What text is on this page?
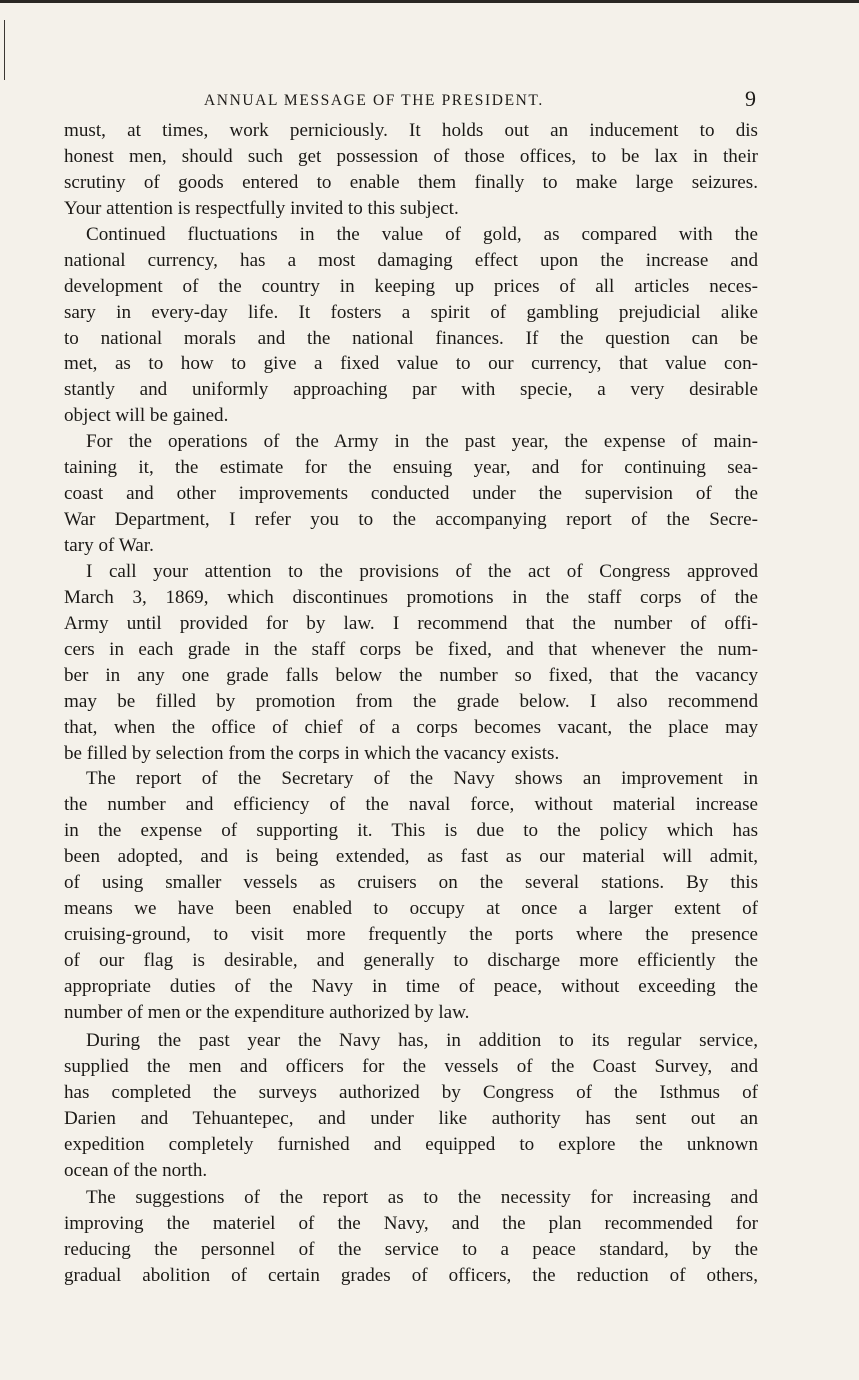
ANNUAL MESSAGE OF THE PRESIDENT.	9
must, at times, work perniciously. It holds out an inducement to dis
honest men, should such get possession of those offices, to be lax in their
scrutiny of goods entered to enable them finally to make large seizures.
Your attention is respectfully invited to this subject.
Continued fluctuations in the value of gold, as compared with the
national currency, has a most damaging effect upon the increase and
development of the country in keeping up prices of all articles neces-
sary in every-day life. It fosters a spirit of gambling prejudicial alike
to national morals and the national finances. If the question can be
met, as to how to give a fixed value to our currency, that value con-
stantly and uniformly approaching par with specie, a very desirable
object will be gained.
For the operations of the Army in the past year, the expense of main-
taining it, the estimate for the ensuing year, and for continuing sea-
coast and other improvements conducted under the supervision of the
War Department, I refer you to the accompanying report of the Secre-
tary of War.
I call your attention to the provisions of the act of Congress approved
March 3, 1869, which discontinues promotions in the staff corps of the
Army until provided for by law. I recommend that the number of offi-
cers in each grade in the staff corps be fixed, and that whenever the num-
ber in any one grade falls below the number so fixed, that the vacancy
may be filled by promotion from the grade below. I also recommend
that, when the office of chief of a corps becomes vacant, the place may
be filled by selection from the corps in which the vacancy exists.
The report of the Secretary of the Navy shows an improvement in
the number and efficiency of the naval force, without material increase
in the expense of supporting it. This is due to the policy which has
been adopted, and is being extended, as fast as our material will admit,
of using smaller vessels as cruisers on the several stations. By this
means we have been enabled to occupy at once a larger extent of
cruising-ground, to visit more frequently the ports where the presence
of our flag is desirable, and generally to discharge more efficiently the
appropriate duties of the Navy in time of peace, without exceeding the
number of men or the expenditure authorized by law.
During the past year the Navy has, in addition to its regular service,
supplied the men and officers for the vessels of the Coast Survey, and
has completed the surveys authorized by Congress of the Isthmus of
Darien and Tehuantepec, and under like authority has sent out an
expedition completely furnished and equipped to explore the unknown
ocean of the north.
The suggestions of the report as to the necessity for increasing and
improving the materiel of the Navy, and the plan recommended for
reducing the personnel of the service to a peace standard, by the
gradual abolition of certain grades of officers, the reduction of others,
